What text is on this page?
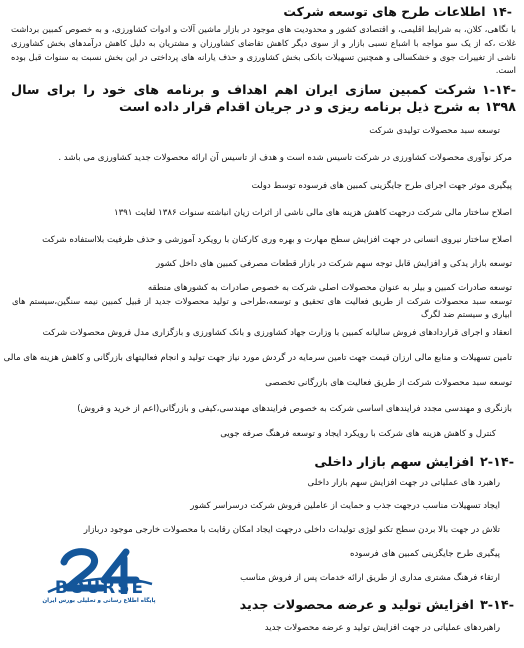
-۱۴اطلاعات طرح های توسعه شرکت
با نگاهی، کلان، به شرایط اقلیمی، و اقتصادی کشور و محدودیت های موجود در بازار ماشین آلات و ادوات کشاورزی، و به خصوص کمبین برداشت غلات ،که از یک سو مواجه با اشباع نسبی بازار و از سوی دیگر کاهش تقاضای کشاورزان و مشتریان به دلیل کاهش درآمدهای بخش کشاورزی ناشی از تغییرات جوی و خشکسالی و همچنین تسهیلات بانکی بخش کشاورزی و حذف یارانه های پرداختی در این بخش نسبت به سنوات قبل بوده است.
-۱-۱۴شرکت کمبین سازی ایران اهم اهداف و برنامه های خود را برای سال ۱۳۹۸ به شرح ذیل برنامه ریزی و در جریان اقدام قرار داده است
توسعه سبد محصولات تولیدی شرکت
مرکز نوآوری محصولات کشاورزی در شرکت تاسیس شده است و هدف از تاسیس آن ارائه محصولات جدید کشاورزی می باشد .
پیگیری موثر جهت اجرای طرح جایگزینی کمبین های فرسوده توسط دولت
اصلاح ساختار مالی شرکت درجهت کاهش هزینه های مالی ناشی از اثرات زیان انباشته سنوات ۱۳۸۶ لغایت ۱۳۹۱
اصلاح ساختار نیروی انسانی در جهت افزایش سطح مهارت و بهره وری کارکنان با رویکرد آموزشی و حذف ظرفیت بلااستفاده شرکت
توسعه بازار یدکی و افزایش قابل توجه سهم شرکت در بازار قطعات مصرفی کمبین های داخل کشور
توسعه صادرات کمبین و بیلر به عنوان محصولات اصلی شرکت به خصوص صادرات به کشورهای منطقه
توسعه سبد محصولات شرکت از طریق فعالیت های تحقیق و توسعه،طراحی و تولید محصولات جدید از قبیل کمبین نیمه سنگین،سیستم های ابیاری و سیستم ضد لگرگ
انعقاد و اجرای قراردادهای فروش سالیانه کمبین با وزارت جهاد کشاورزی و بانک کشاورزی و بازگزاری مدل فروش محصولات شرکت
تامین تسهیلات و منابع مالی ارزان قیمت جهت تامین سرمایه در گردش مورد نیاز جهت تولید و انجام فعالیتهای بازرگانی و کاهش هزینه های مالی
توسعه سبد محصولات شرکت از طریق فعالیت های بازرگانی تخصصی
بازنگری و مهندسی مجدد فرایندهای اساسی شرکت به خصوص فرایندهای مهندسی،کیفی و بازرگانی(اعم از خرید و فروش)
کنترل و کاهش هزینه های شرکت با رویکرد ایجاد و توسعه فرهنگ صرفه جویی
-۲-۱۴افزایش سهم بازار داخلی
راهبرد های عملیاتی در جهت افزایش سهم بازار داخلی
ایجاد تسهیلات مناسب درجهت جذب و حمایت از عاملین فروش شرکت درسراسر کشور
تلاش در جهت بالا بردن سطح تکنو لوژی تولیدات داخلی درجهت ایجاد امکان رقابت با محصولات خارجی موجود دربازار
پیگیری طرح جایگزینی کمبین های فرسوده
ارتقاء فرهنگ مشتری مداری از طریق ارائه خدمات پس از فروش مناسب
-۳-۱۴افزایش تولید و عرضه محصولات جدید
راهبردهای عملیاتی در جهت افزایش تولید و عرضه محصولات جدید
BOURSE
پایگاه اطلاع رسانی و تحلیلی بورس ایران
